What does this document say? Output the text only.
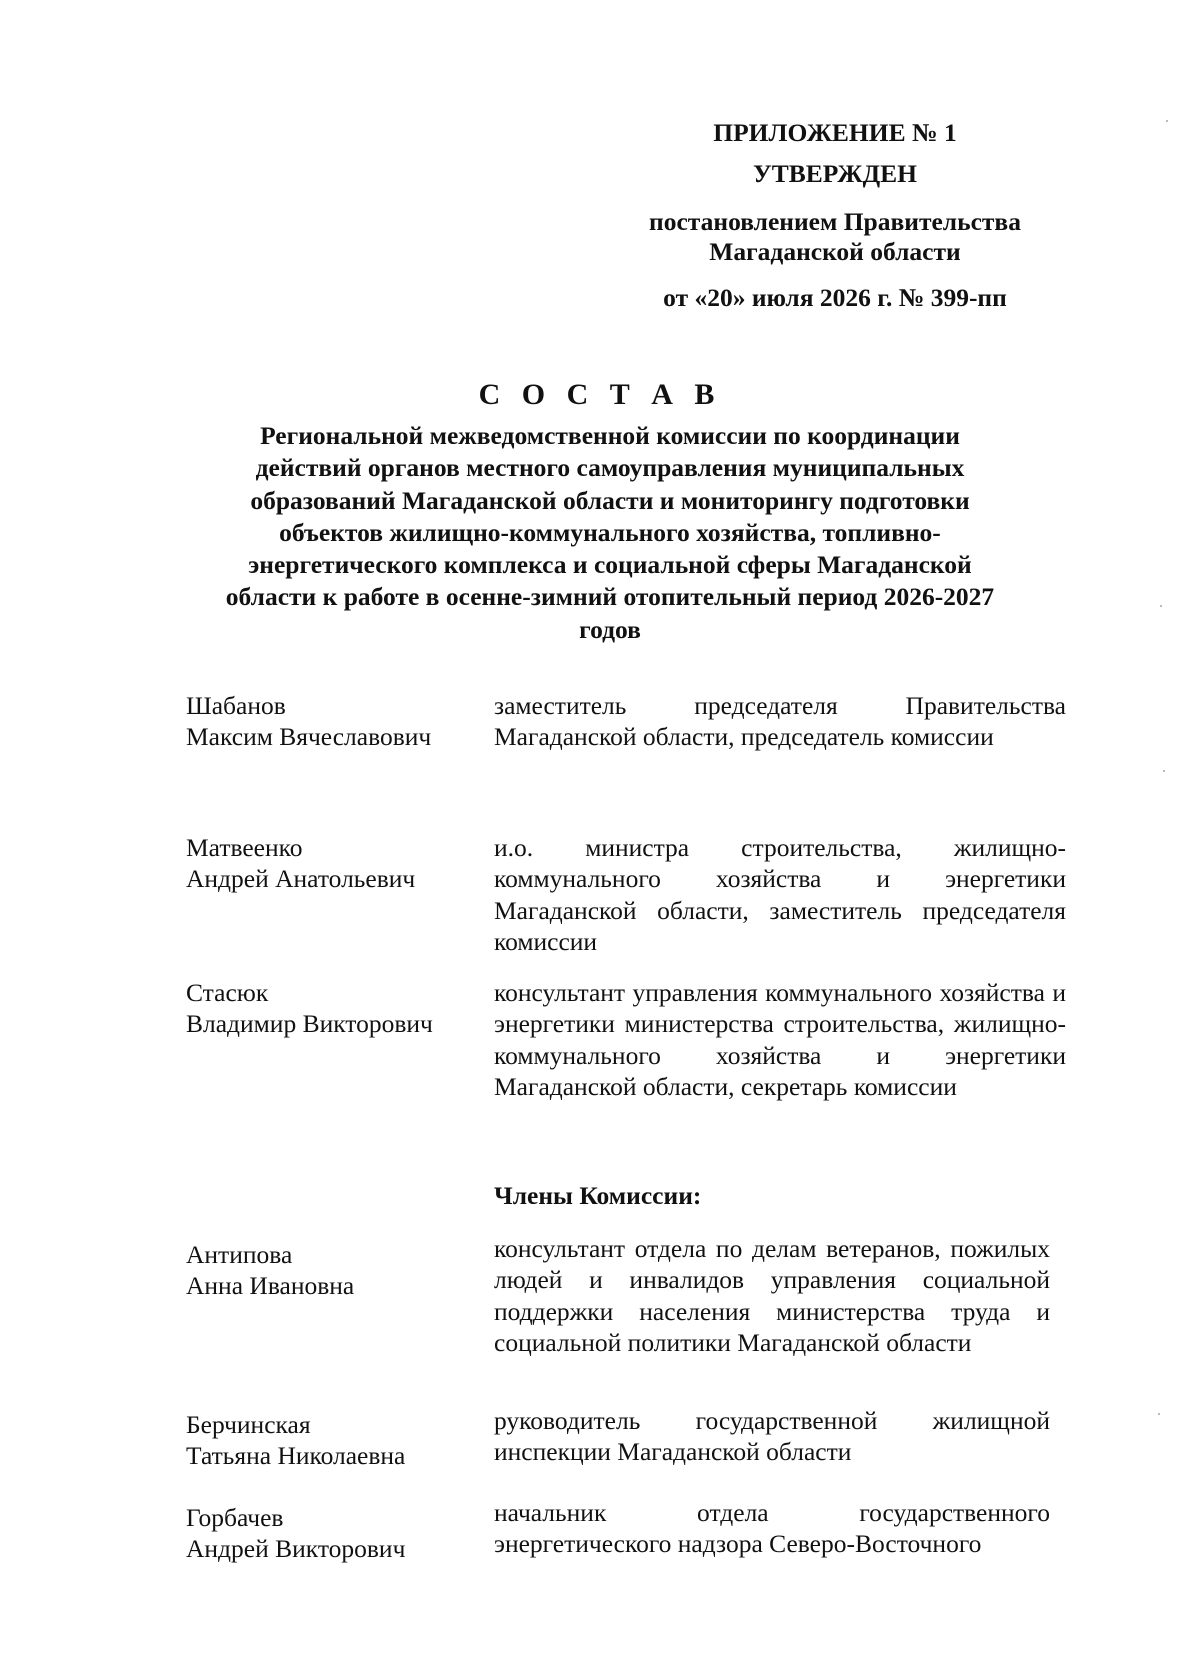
ПРИЛОЖЕНИЕ № 1
УТВЕРЖДЕН
постановлением Правительства
Магаданской области
от «20» июля 2026 г. № 399-пп
С О С Т А В
Региональной межведомственной комиссии по координации действий органов местного самоуправления муниципальных образований Магаданской области и мониторингу подготовки объектов жилищно-коммунального хозяйства, топливно-энергетического комплекса и социальной сферы Магаданской области к работе в осенне-зимний отопительный период 2026-2027 годов
Шабанов
Максим Вячеславович
заместитель председателя Правительства Магаданской области, председатель комиссии
Матвеенко
Андрей Анатольевич
и.о. министра строительства, жилищно-коммунального хозяйства и энергетики Магаданской области, заместитель председателя комиссии
Стасюк
Владимир Викторович
консультант управления коммунального хозяйства и энергетики министерства строительства, жилищно-коммунального хозяйства и энергетики Магаданской области, секретарь комиссии
Члены Комиссии:
Антипова
Анна Ивановна
консультант отдела по делам ветеранов, пожилых людей и инвалидов управления социальной поддержки населения министерства труда и социальной политики Магаданской области
Берчинская
Татьяна Николаевна
руководитель государственной жилищной инспекции Магаданской области
Горбачев
Андрей Викторович
начальник отдела государственного энергетического надзора Северо-Восточного
